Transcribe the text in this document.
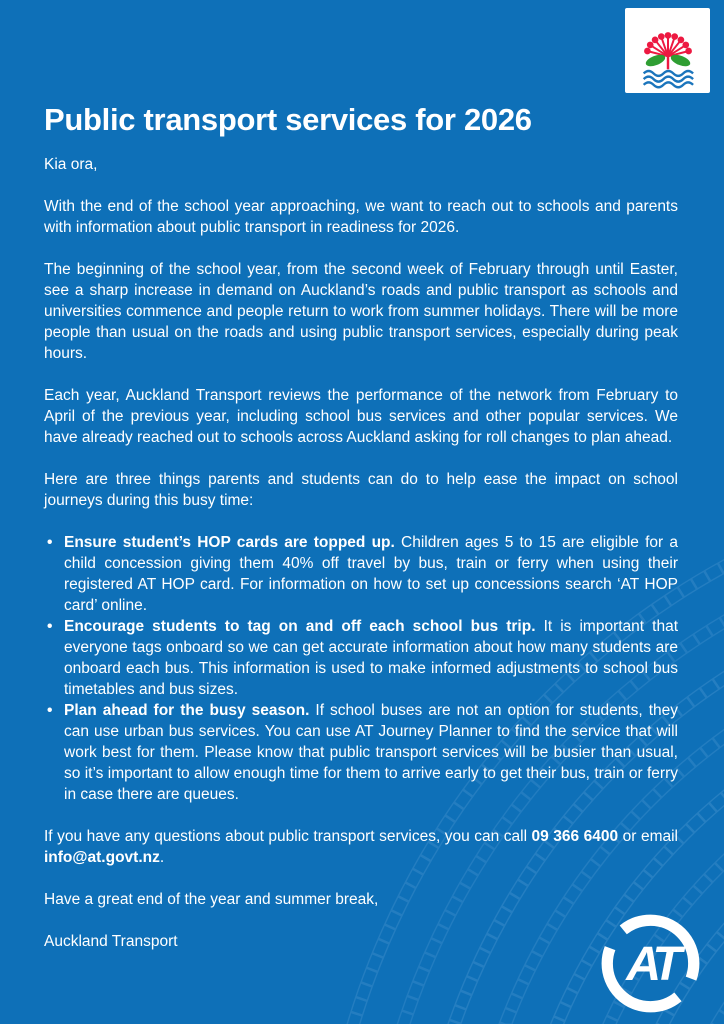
Public transport services for 2026

Kia ora,

With the end of the school year approaching, we want to reach out to schools and parents with information about public transport in readiness for 2026.

The beginning of the school year, from the second week of February through until Easter, see a sharp increase in demand on Auckland’s roads and public transport as schools and universities commence and people return to work from summer holidays. There will be more people than usual on the roads and using public transport services, especially during peak hours.

Each year, Auckland Transport reviews the performance of the network from February to April of the previous year, including school bus services and other popular services. We have already reached out to schools across Auckland asking for roll changes to plan ahead.

Here are three things parents and students can do to help ease the impact on school journeys during this busy time:

• Ensure student’s HOP cards are topped up. Children ages 5 to 15 are eligible for a child concession giving them 40% off travel by bus, train or ferry when using their registered AT HOP card. For information on how to set up concessions search ‘AT HOP card’ online.
• Encourage students to tag on and off each school bus trip. It is important that everyone tags onboard so we can get accurate information about how many students are onboard each bus. This information is used to make informed adjustments to school bus timetables and bus sizes.
• Plan ahead for the busy season. If school buses are not an option for students, they can use urban bus services. You can use AT Journey Planner to find the service that will work best for them. Please know that public transport services will be busier than usual, so it’s important to allow enough time for them to arrive early to get their bus, train or ferry in case there are queues.

If you have any questions about public transport services, you can call 09 366 6400 or email info@at.govt.nz.

Have a great end of the year and summer break,

Auckland Transport	AT
